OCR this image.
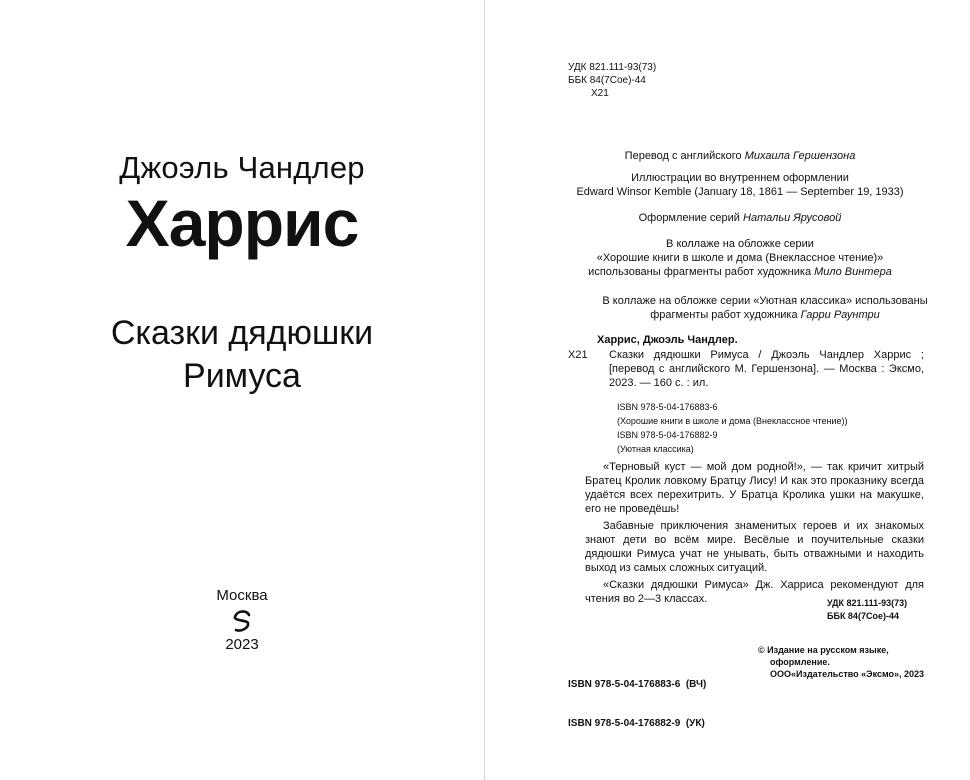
Джоэль Чандлер
Харрис
Сказки дядюшки
Римуса
Москва
2023
УДК 821.111-93(73)
ББК 84(7Сое)-44
Х21
Перевод с английского Михаила Гершензона
Иллюстрации во внутреннем оформлении
Edward Winsor Kemble (January 18, 1861 — September 19, 1933)
Оформление серий Натальи Ярусовой
В коллаже на обложке серии
«Хорошие книги в школе и дома (Внеклассное чтение)»
использованы фрагменты работ художника Мило Винтера
В коллаже на обложке серии «Уютная классика» использованы
фрагменты работ художника Гарри Раунтри
Харрис, Джоэль Чандлер.
Х21 Сказки дядюшки Римуса / Джоэль Чандлер Харрис ; [перевод с английского М. Гершензона]. — Москва : Эксмо, 2023. — 160 с. : ил.
ISBN 978-5-04-176883-6
(Хорошие книги в школе и дома (Внеклассное чтение))
ISBN 978-5-04-176882-9
(Уютная классика)

«Терновый куст — мой дом родной!», — так кричит хитрый Братец Кролик ловкому Братцу Лису! И как это проказнику всегда удаётся всех перехитрить. У Братца Кролика ушки на макушке, его не проведёшь!

Забавные приключения знаменитых героев и их знакомых знают дети во всём мире. Весёлые и поучительные сказки дядюшки Римуса учат не унывать, быть отважными и находить выход из самых сложных ситуаций.

«Сказки дядюшки Римуса» Дж. Харриса рекомендуют для чтения во 2—3 классах.	УДК 821.111-93(73)
ББК 84(7Сое)-44

ISBN 978-5-04-176883-6  (ВЧ)

ISBN 978-5-04-176882-9  (УК)

© Издание на русском языке,
оформление.
ООО«Издательство «Эксмо», 2023
